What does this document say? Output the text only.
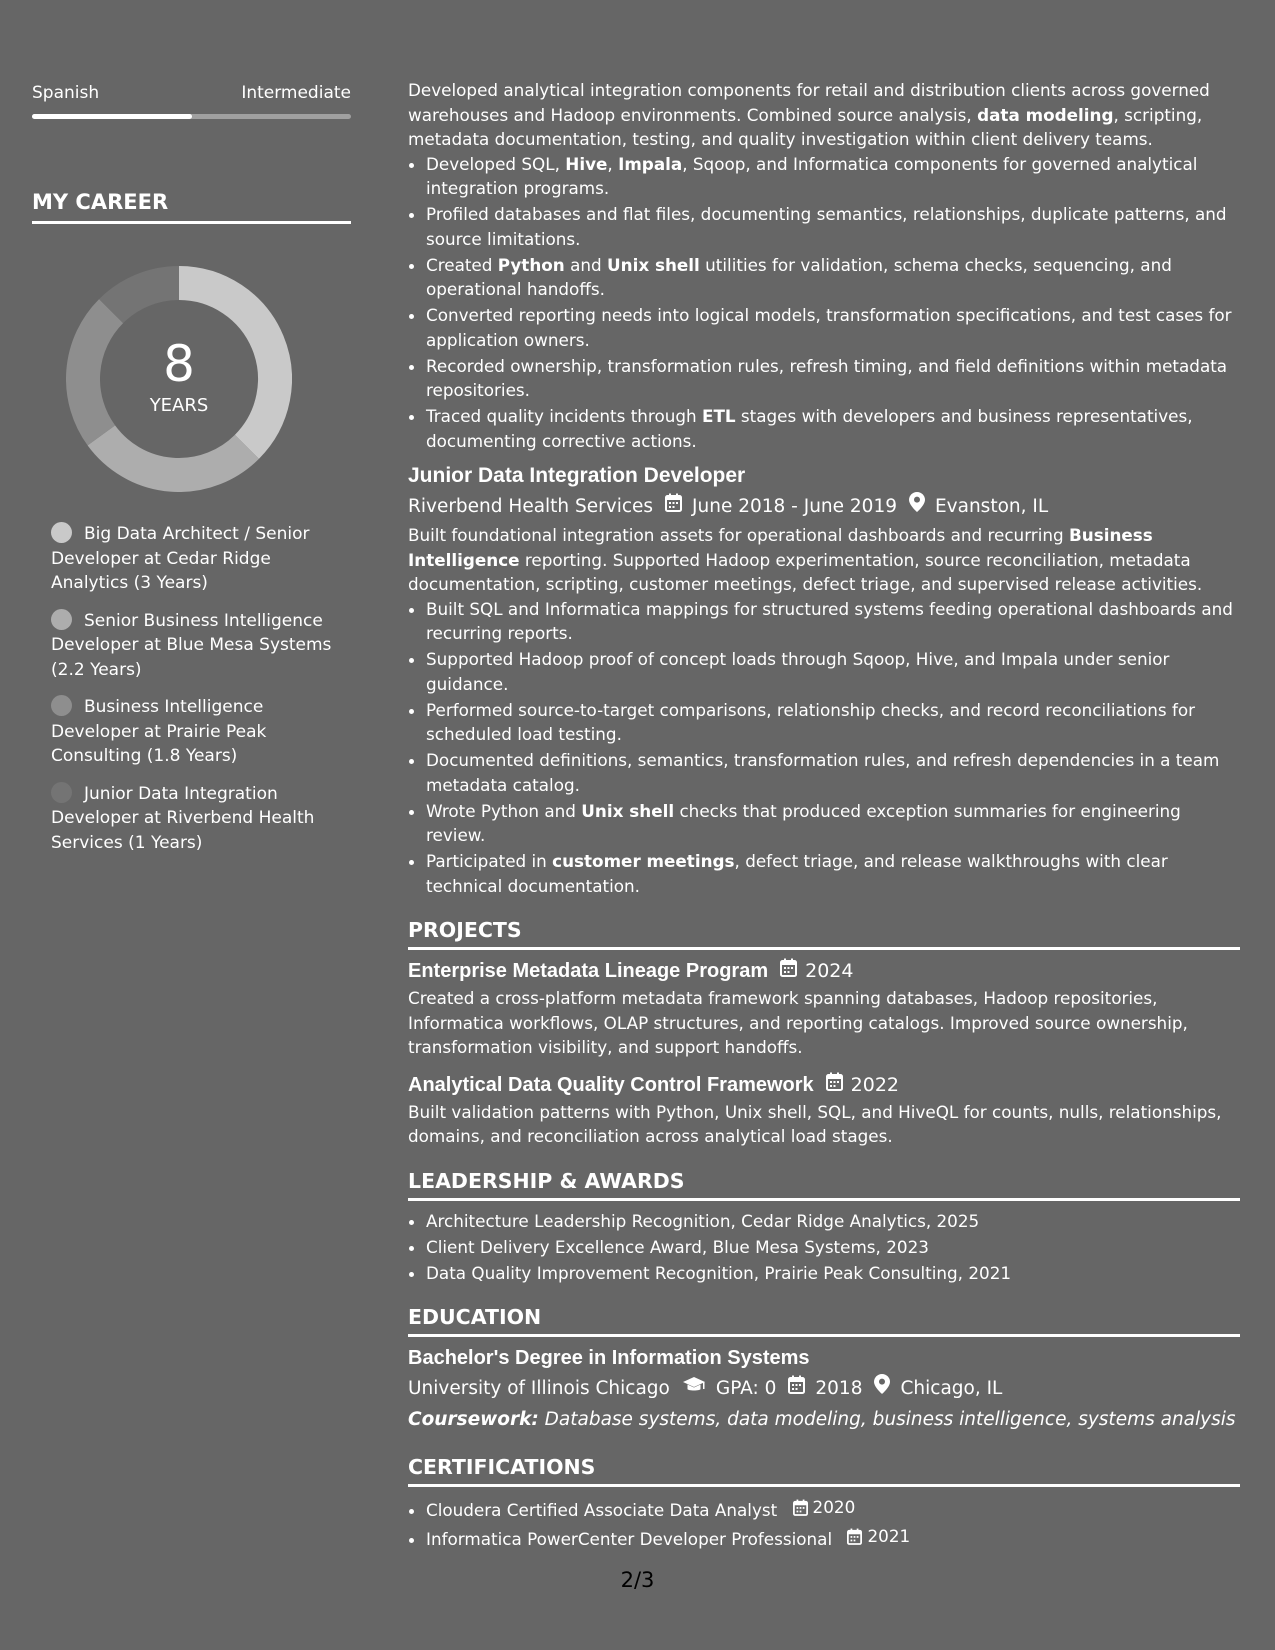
Spanish	Intermediate
MY CAREER
8
YEARS
Big Data Architect / Senior Developer at Cedar Ridge Analytics (3 Years)
Senior Business Intelligence Developer at Blue Mesa Systems (2.2 Years)
Business Intelligence Developer at Prairie Peak Consulting (1.8 Years)
Junior Data Integration Developer at Riverbend Health Services (1 Years)

Developed analytical integration components for retail and distribution clients across governed warehouses and Hadoop environments. Combined source analysis, data modeling, scripting, metadata documentation, testing, and quality investigation within client delivery teams.

• Developed SQL, Hive, Impala, Sqoop, and Informatica components for governed analytical integration programs.
• Profiled databases and flat files, documenting semantics, relationships, duplicate patterns, and source limitations.
• Created Python and Unix shell utilities for validation, schema checks, sequencing, and operational handoffs.
• Converted reporting needs into logical models, transformation specifications, and test cases for application owners.
• Recorded ownership, transformation rules, refresh timing, and field definitions within metadata repositories.
• Traced quality incidents through ETL stages with developers and business representatives, documenting corrective actions.
Junior Data Integration Developer
Riverbend Health Services June 2018 - June 2019 Evanston, IL

Built foundational integration assets for operational dashboards and recurring Business Intelligence reporting. Supported Hadoop experimentation, source reconciliation, metadata documentation, scripting, customer meetings, defect triage, and supervised release activities.

• Built SQL and Informatica mappings for structured systems feeding operational dashboards and recurring reports.
• Supported Hadoop proof of concept loads through Sqoop, Hive, and Impala under senior guidance.
• Performed source-to-target comparisons, relationship checks, and record reconciliations for scheduled load testing.
• Documented definitions, semantics, transformation rules, and refresh dependencies in a team metadata catalog.
• Wrote Python and Unix shell checks that produced exception summaries for engineering review.
• Participated in customer meetings, defect triage, and release walkthroughs with clear technical documentation.
PROJECTS
Enterprise Metadata Lineage Program 2024

Created a cross-platform metadata framework spanning databases, Hadoop repositories, Informatica workflows, OLAP structures, and reporting catalogs. Improved source ownership, transformation visibility, and support handoffs.

Analytical Data Quality Control Framework 2022

Built validation patterns with Python, Unix shell, SQL, and HiveQL for counts, nulls, relationships, domains, and reconciliation across analytical load stages.

LEADERSHIP & AWARDS
• Architecture Leadership Recognition, Cedar Ridge Analytics, 2025
• Client Delivery Excellence Award, Blue Mesa Systems, 2023
• Data Quality Improvement Recognition, Prairie Peak Consulting, 2021
EDUCATION
Bachelor's Degree in Information Systems
University of Illinois Chicago GPA: 0 2018 Chicago, IL
Coursework: Database systems, data modeling, business intelligence, systems analysis
CERTIFICATIONS
• Cloudera Certified Associate Data Analyst 2020
• Informatica PowerCenter Developer Professional 2021
2/3
